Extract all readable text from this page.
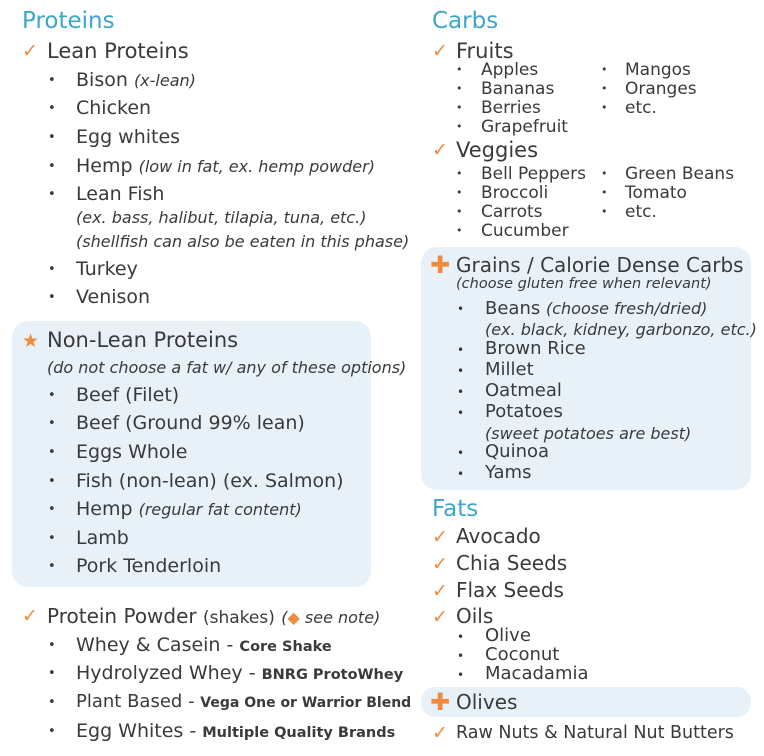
Proteins
✓ Lean Proteins
• Bison (x-lean)
• Chicken
• Egg whites
• Hemp (low in fat, ex. hemp powder)
• Lean Fish
(ex. bass, halibut, tilapia, tuna, etc.)
(shellfish can also be eaten in this phase)
• Turkey
• Venison
★ Non-Lean Proteins
(do not choose a fat w/ any of these options)
• Beef (Filet)
• Beef (Ground 99% lean)
• Eggs Whole
• Fish (non-lean) (ex. Salmon)
• Hemp (regular fat content)
• Lamb
• Pork Tenderloin
✓ Protein Powder (shakes) (◆ see note)
• Whey & Casein - Core Shake
• Hydrolyzed Whey - BNRG ProtoWhey
• Plant Based - Vega One or Warrior Blend
• Egg Whites - Multiple Quality Brands
Carbs
✓ Fruits
• Apples
• Bananas
• Berries
• Grapefruit
• Mangos
• Oranges
• etc.
✓ Veggies
• Bell Peppers
• Broccoli
• Carrots
• Cucumber
• Green Beans
• Tomato
• etc.
✚ Grains / Calorie Dense Carbs
(choose gluten free when relevant)
• Beans (choose fresh/dried)
(ex. black, kidney, garbonzo, etc.)
• Brown Rice
• Millet
• Oatmeal
• Potatoes
(sweet potatoes are best)
• Quinoa
• Yams
Fats
✓ Avocado
✓ Chia Seeds
✓ Flax Seeds
✓ Oils
• Olive
• Coconut
• Macadamia
✚ Olives
✓ Raw Nuts & Natural Nut Butters
